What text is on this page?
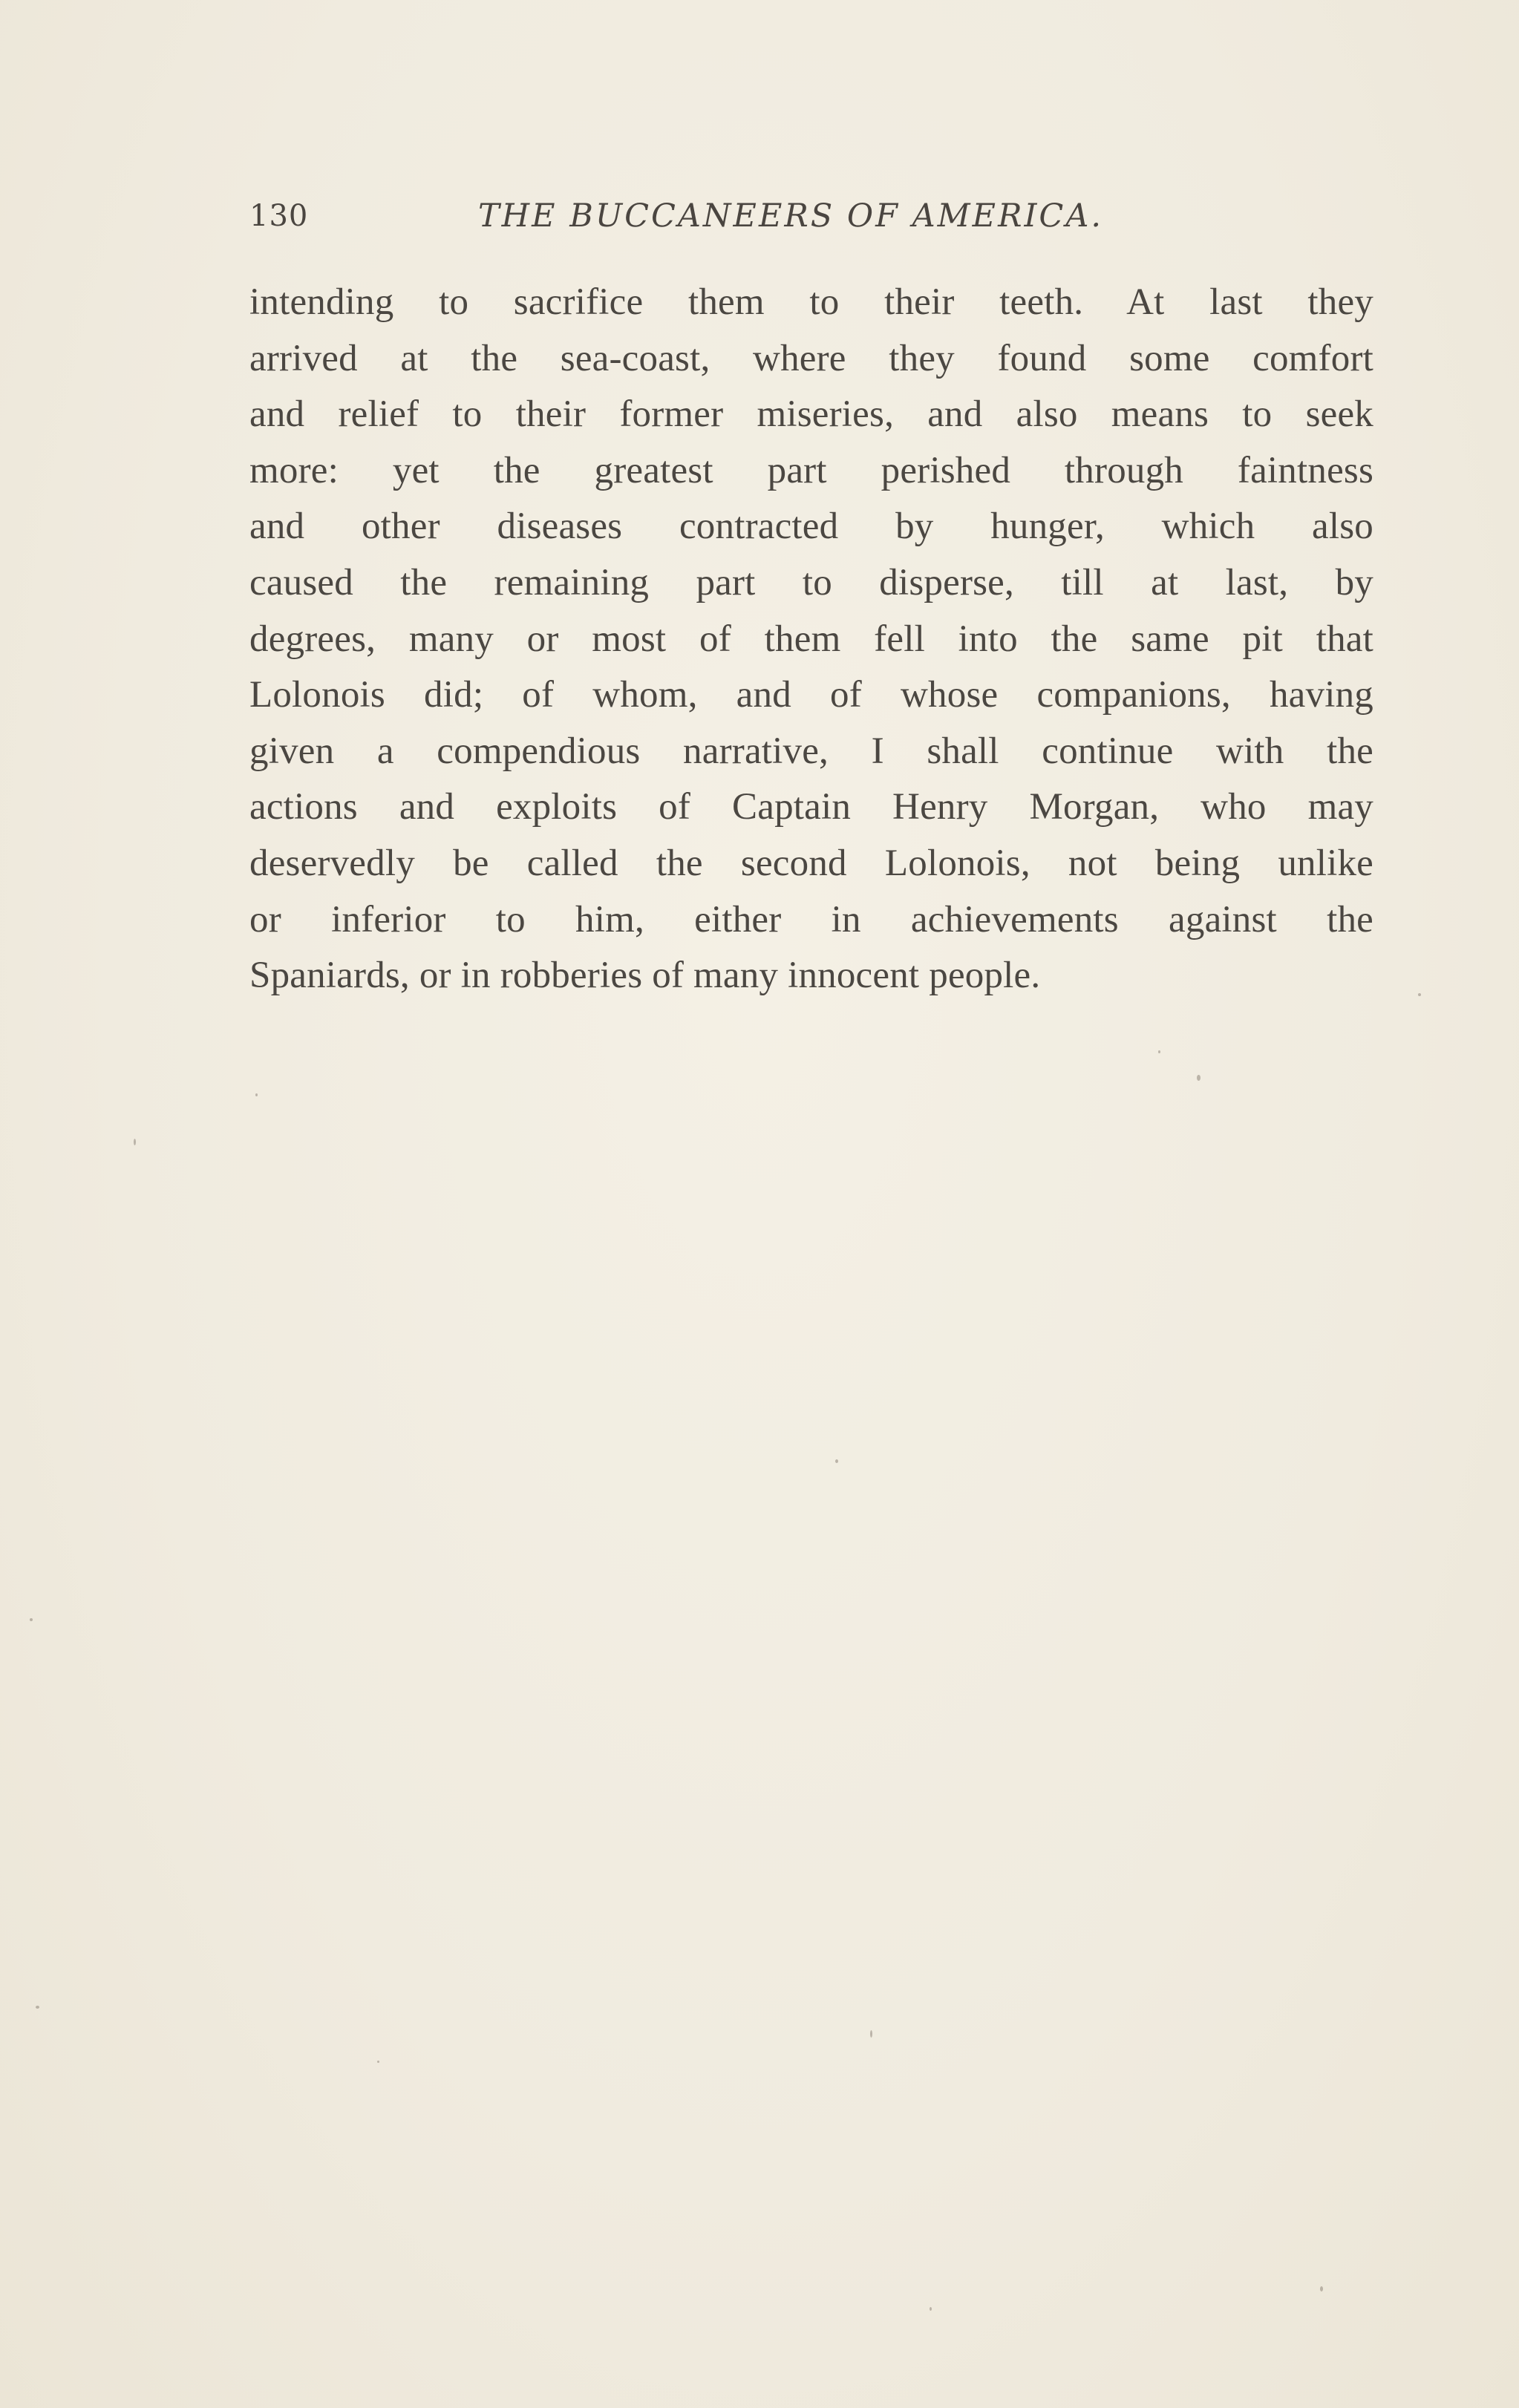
130	THE BUCCANEERS OF AMERICA.

intending to sacrifice them to their teeth. At last they
arrived at the sea-coast, where they found some comfort
and relief to their former miseries, and also means to seek
more: yet the greatest part perished through faintness
and other diseases contracted by hunger, which also
caused the remaining part to disperse, till at last, by
degrees, many or most of them fell into the same pit that
Lolonois did; of whom, and of whose companions, having
given a compendious narrative, I shall continue with the
actions and exploits of Captain Henry Morgan, who may
deservedly be called the second Lolonois, not being unlike
or inferior to him, either in achievements against the
Spaniards, or in robberies of many innocent people.
